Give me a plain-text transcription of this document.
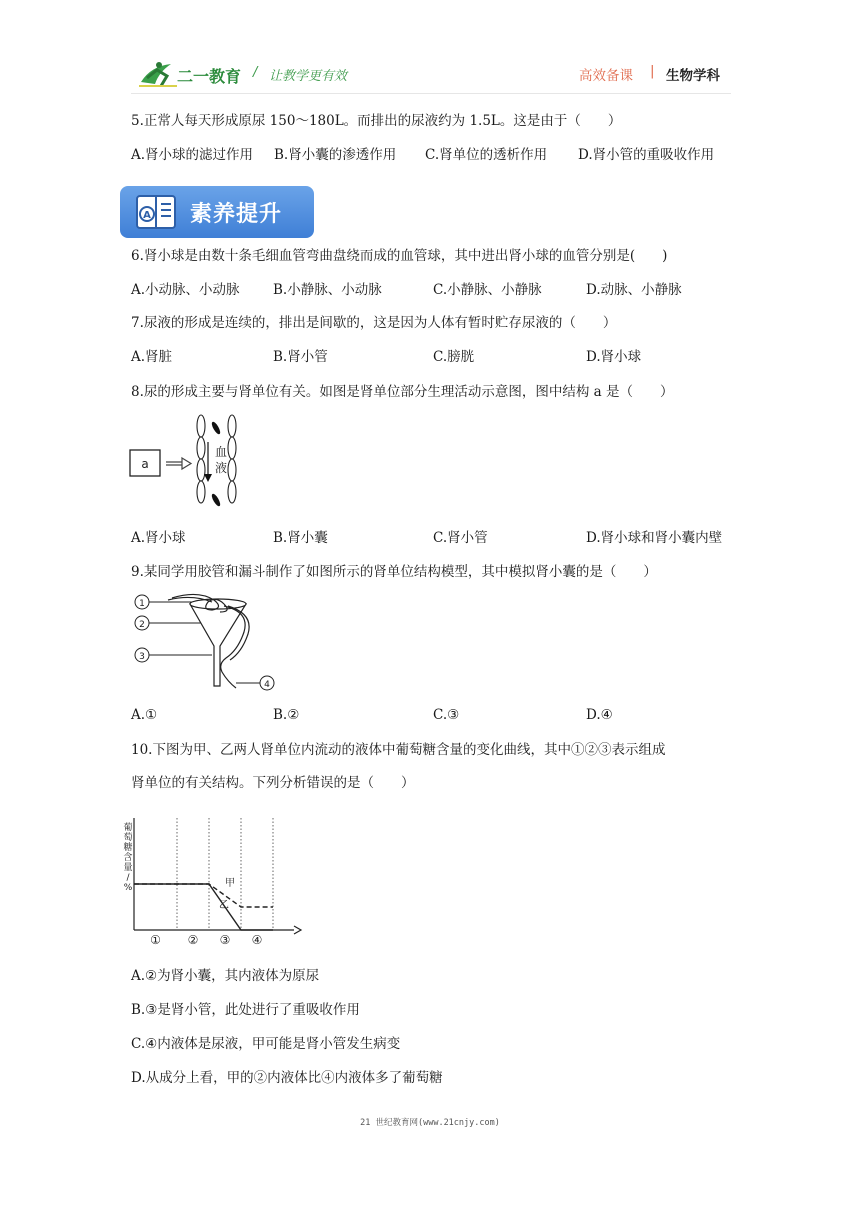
二一教育 / 让教学更有效	高效备课 | 生物学科
5.正常人每天形成原尿 150～180L。而排出的尿液约为 1.5L。这是由于（　　）
A.肾小球的滤过作用 B.肾小囊的渗透作用 C.肾单位的透析作用 D.肾小管的重吸收作用
A 素养提升
6.肾小球是由数十条毛细血管弯曲盘绕而成的血管球，其中进出肾小球的血管分别是(　　)
A.小动脉、小动脉 B.小静脉、小动脉	C.小静脉、小静脉	D.动脉、小静脉
7.尿液的形成是连续的，排出是间歇的，这是因为人体有暂时贮存尿液的（　　）
A.肾脏	B.肾小管	C.膀胱	D.肾小球
8.尿的形成主要与肾单位有关。如图是肾单位部分生理活动示意图，图中结构 a 是（　　）
a
血
液
A.肾小球	B.肾小囊	C.肾小管	D.肾小球和肾小囊内壁
9.某同学用胶管和漏斗制作了如图所示的肾单位结构模型，其中模拟肾小囊的是（　　）
1
2
3
4
A.①	B.②	C.③	D.④
10.下图为甲、乙两人肾单位内流动的液体中葡萄糖含量的变化曲线，其中①②③表示组成
肾单位的有关结构。下列分析错误的是（　　）
葡
萄
糖
含
量
/
%
① ② ③ ④
甲
乙
A.②为肾小囊，其内液体为原尿
B.③是肾小管，此处进行了重吸收作用
C.④内液体是尿液，甲可能是肾小管发生病变
D.从成分上看，甲的②内液体比④内液体多了葡萄糖
21 世纪教育网(www.21cnjy.com)
